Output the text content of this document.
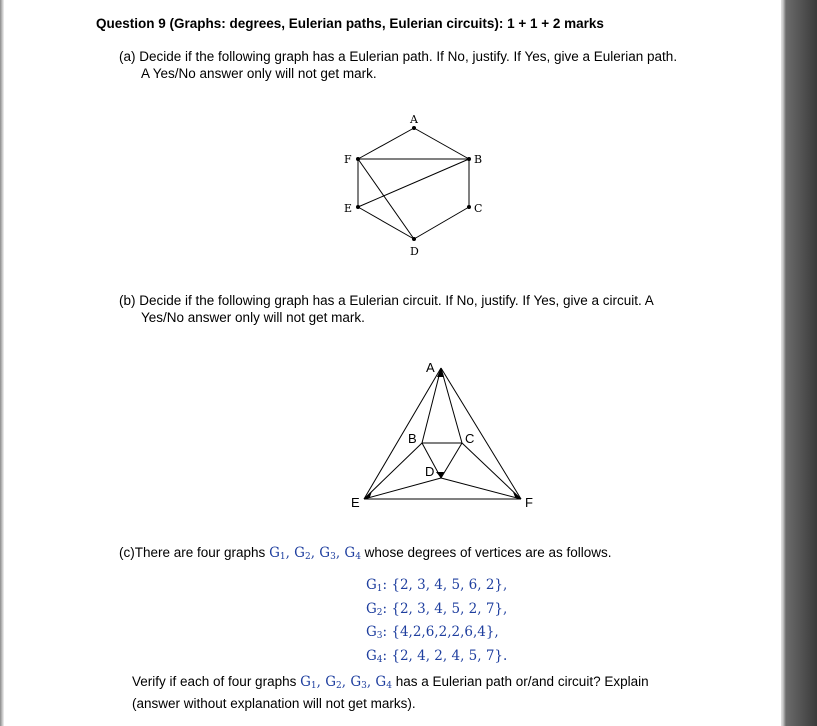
Question 9 (Graphs: degrees, Eulerian paths, Eulerian circuits): 1 + 1 + 2 marks
(a) Decide if the following graph has a Eulerian path. If No, justify. If Yes, give a Eulerian path.
A Yes/No answer only will not get mark.
A
B
C
D
E
F
(b) Decide if the following graph has a Eulerian circuit. If No, justify. If Yes, give a circuit. A
Yes/No answer only will not get mark.
A
B	C
D
E	F
(c)There are four graphs $G_1$, $G_2$, $G_3$, $G_4$ whose degrees of vertices are as follows.
$G_1$: {2, 3, 4, 5, 6, 2},
$G_2$: {2, 3, 4, 5, 2, 7},
$G_3$: {4,2,6,2,2,6,4},
$G_4$: {2, 4, 2, 4, 5, 7}.
Verify if each of four graphs $G_1$, $G_2$, $G_3$, $G_4$ has a Eulerian path or/and circuit? Explain
(answer without explanation will not get marks).
